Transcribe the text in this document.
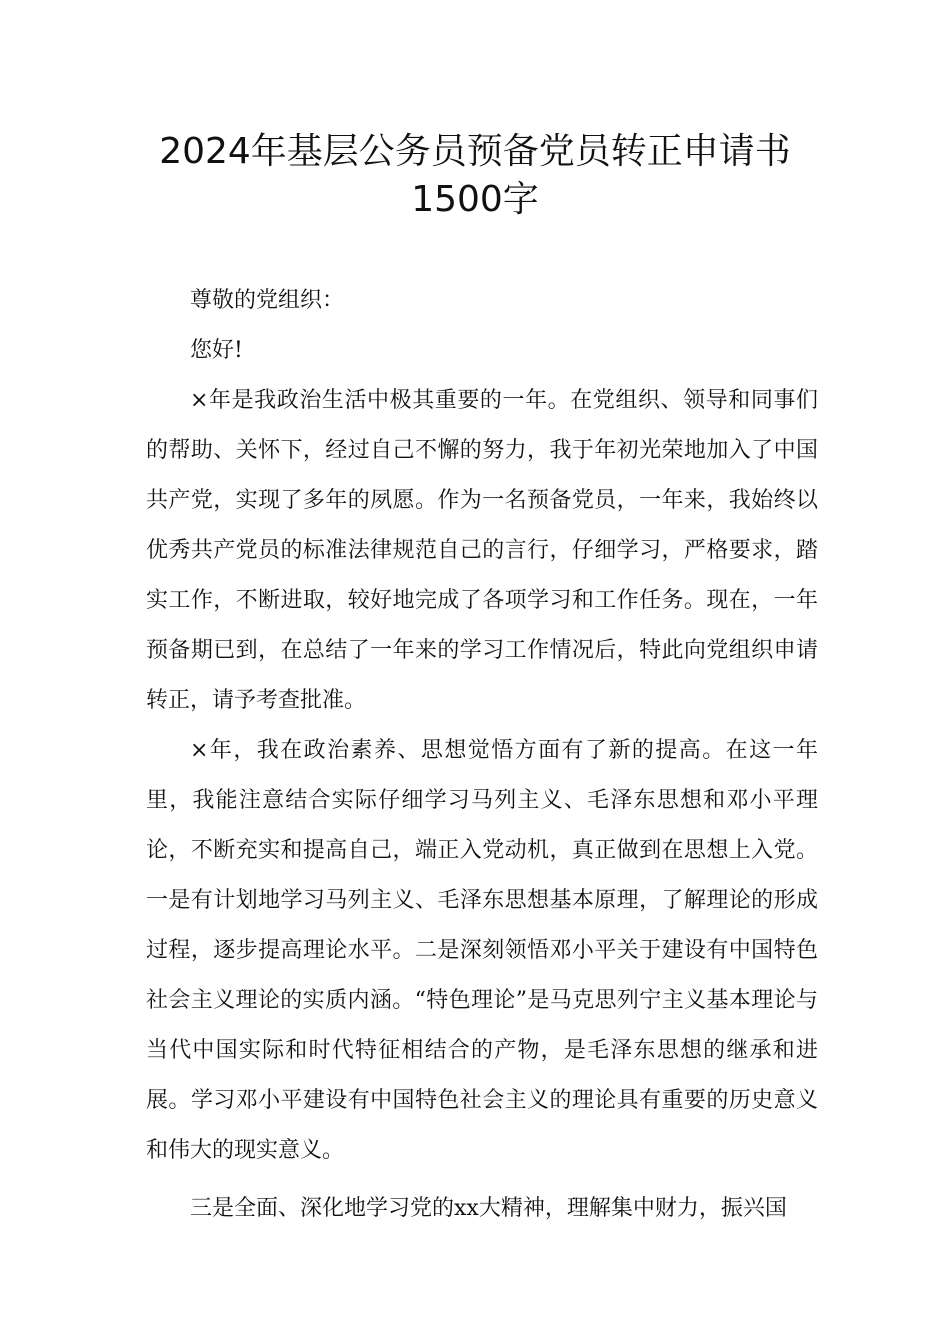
2024年基层公务员预备党员转正申请书
1500字

尊敬的党组织：

您好!

×年是我政治生活中极其重要的一年。在党组织、领导和同事们的帮助、关怀下，经过自己不懈的努力，我于年初光荣地加入了中国共产党，实现了多年的夙愿。作为一名预备党员，一年来，我始终以优秀共产党员的标准法律规范自己的言行，仔细学习，严格要求，踏实工作，不断进取，较好地完成了各项学习和工作任务。现在，一年预备期已到，在总结了一年来的学习工作情况后，特此向党组织申请转正，请予考查批准。

×年，我在政治素养、思想觉悟方面有了新的提高。在这一年里，我能注意结合实际仔细学习马列主义、毛泽东思想和邓小平理论，不断充实和提高自己，端正入党动机，真正做到在思想上入党。一是有计划地学习马列主义、毛泽东思想基本原理，了解理论的形成过程，逐步提高理论水平。二是深刻领悟邓小平关于建设有中国特色社会主义理论的实质内涵。“特色理论”是马克思列宁主义基本理论与当代中国实际和时代特征相结合的产物，是毛泽东思想的继承和进展。学习邓小平建设有中国特色社会主义的理论具有重要的历史意义和伟大的现实意义。

三是全面、深化地学习党的xx大精神，理解集中财力，振兴国
